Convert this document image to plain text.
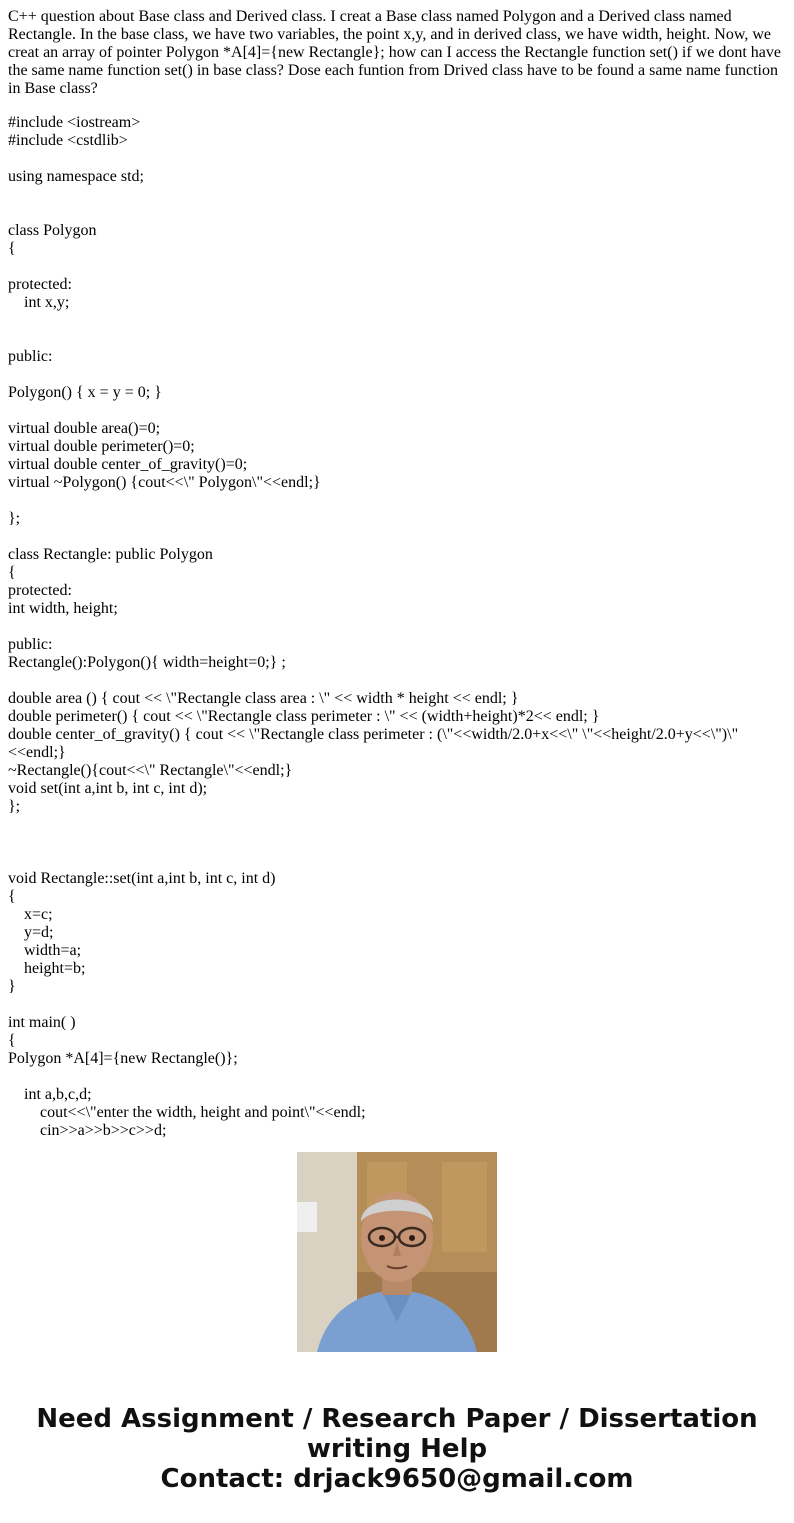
C++ question about Base class and Derived class. I creat a Base class named Polygon and a Derived class named Rectangle. In the base class, we have two variables, the point x,y, and in derived class, we have width, height. Now, we creat an array of pointer Polygon *A[4]={new Rectangle}; how can I access the Rectangle function set() if we dont have the same name function set() in base class? Dose each funtion from Drived class have to be found a same name function in Base class?

#include <iostream>
#include <cstdlib>
using namespace std;
class Polygon
{
protected:
int x,y;
public:
Polygon() { x = y = 0; }
virtual double area()=0;
virtual double perimeter()=0;
virtual double center_of_gravity()=0;
virtual ~Polygon() {cout<<\" Polygon\"<<endl;}
};
class Rectangle: public Polygon
{
protected:
int width, height;
public:
Rectangle():Polygon(){ width=height=0;} ;
double area () { cout << \"Rectangle class area : \" << width * height << endl; }
double perimeter() { cout << \"Rectangle class perimeter : \" << (width+height)*2<< endl; }
double center_of_gravity() { cout << \"Rectangle class perimeter : (\"<<width/2.0+x<<\" \"<<height/2.0+y<<\")\" <<endl;}
~Rectangle(){cout<<\" Rectangle\"<<endl;}
void set(int a,int b, int c, int d);
};
void Rectangle::set(int a,int b, int c, int d)
{
x=c;
y=d;
width=a;
height=b;
}
int main( )
{
Polygon *A[4]={new Rectangle()};
int a,b,c,d;
cout<<\"enter the width, height and point\"<<endl;
cin>>a>>b>>c>>d;
Need Assignment / Research Paper / Dissertation
writing Help
Contact: drjack9650@gmail.com
